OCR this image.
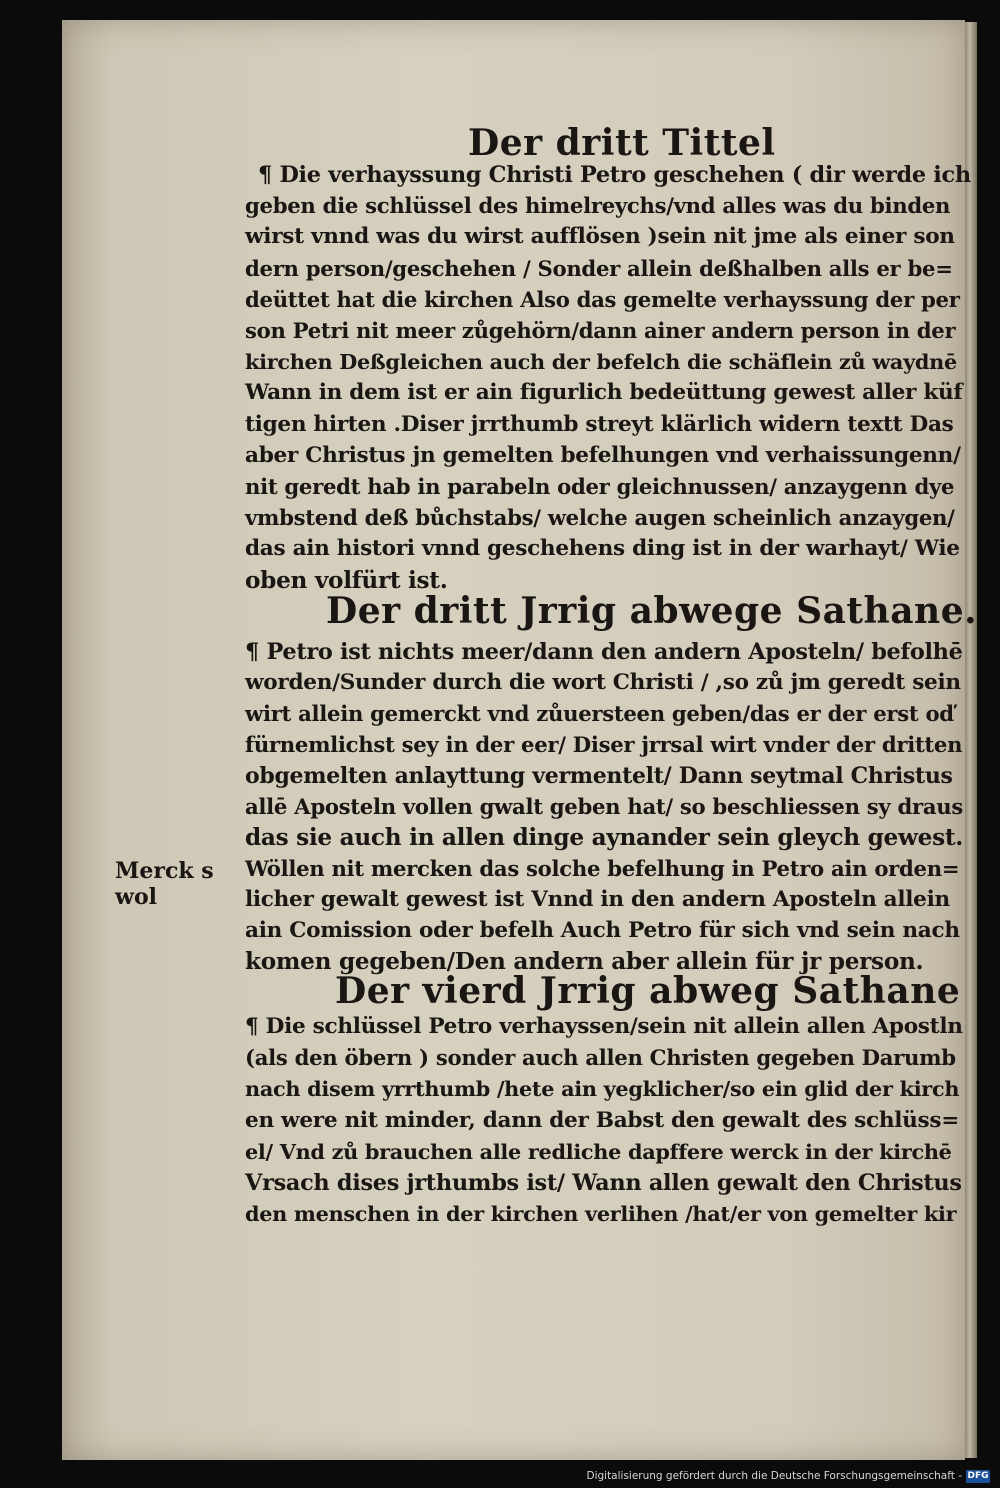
Der dritt Tittel
¶ Die verhayssung Christi Petro geschehen ( dir werde ich
geben die schlüssel des himelreychs/vnd alles was du binden
wirst vnnd was du wirst aufflösen )sein nit jme als einer son
dern person/geschehen / Sonder allein deßhalben alls er be=
deüttet hat die kirchen Also das gemelte verhayssung der per
son Petri nit meer zůgehörn/dann ainer andern person in der
kirchen Deßgleichen auch der befelch die schäflein zů waydnē
Wann in dem ist er ain figurlich bedeüttung gewest aller küf
tigen hirten .Diser jrrthumb streyt klärlich widern textt Das
aber Christus jn gemelten befelhungen vnd verhaissungenn/
nit geredt hab in parabeln oder gleichnussen/ anzaygenn dye
vmbstend deß bůchstabs/ welche augen scheinlich anzaygen/
das ain histori vnnd geschehens ding ist in der warhayt/ Wie
oben volfürt ist.
Der dritt Jrrig abwege Sathane.
¶ Petro ist nichts meer/dann den andern Aposteln/ befolhē
worden/Sunder durch die wort Christi / ,so zů jm geredt sein
wirt allein gemerckt vnd zůuersteen geben/das er der erst oď
fürnemlichst sey in der eer/ Diser jrrsal wirt vnder der dritten
obgemelten anlayttung vermentelt/ Dann seytmal Christus
allē Aposteln vollen gwalt geben hat/ so beschliessen sy draus
das sie auch in allen dinge aynander sein gleych gewest.
Wöllen nit mercken das solche befelhung in Petro ain orden=
licher gewalt gewest ist Vnnd in den andern Aposteln allein
ain Comission oder befelh Auch Petro für sich vnd sein nach
komen gegeben/Den andern aber allein für jr person.
Merck s
wol
Der vierd Jrrig abweg Sathane
¶ Die schlüssel Petro verhayssen/sein nit allein allen Apostln
(als den öbern ) sonder auch allen Christen gegeben Darumb
nach disem yrrthumb /hete ain yegklicher/so ein glid der kirch
en were nit minder, dann der Babst den gewalt des schlüss=
el/ Vnd zů brauchen alle redliche dapffere werck in der kirchē
Vrsach dises jrthumbs ist/ Wann allen gewalt den Christus
den menschen in der kirchen verlihen /hat/er von gemelter kir
Digitalisierung gefördert durch die Deutsche Forschungsgemeinschaft - DFG
